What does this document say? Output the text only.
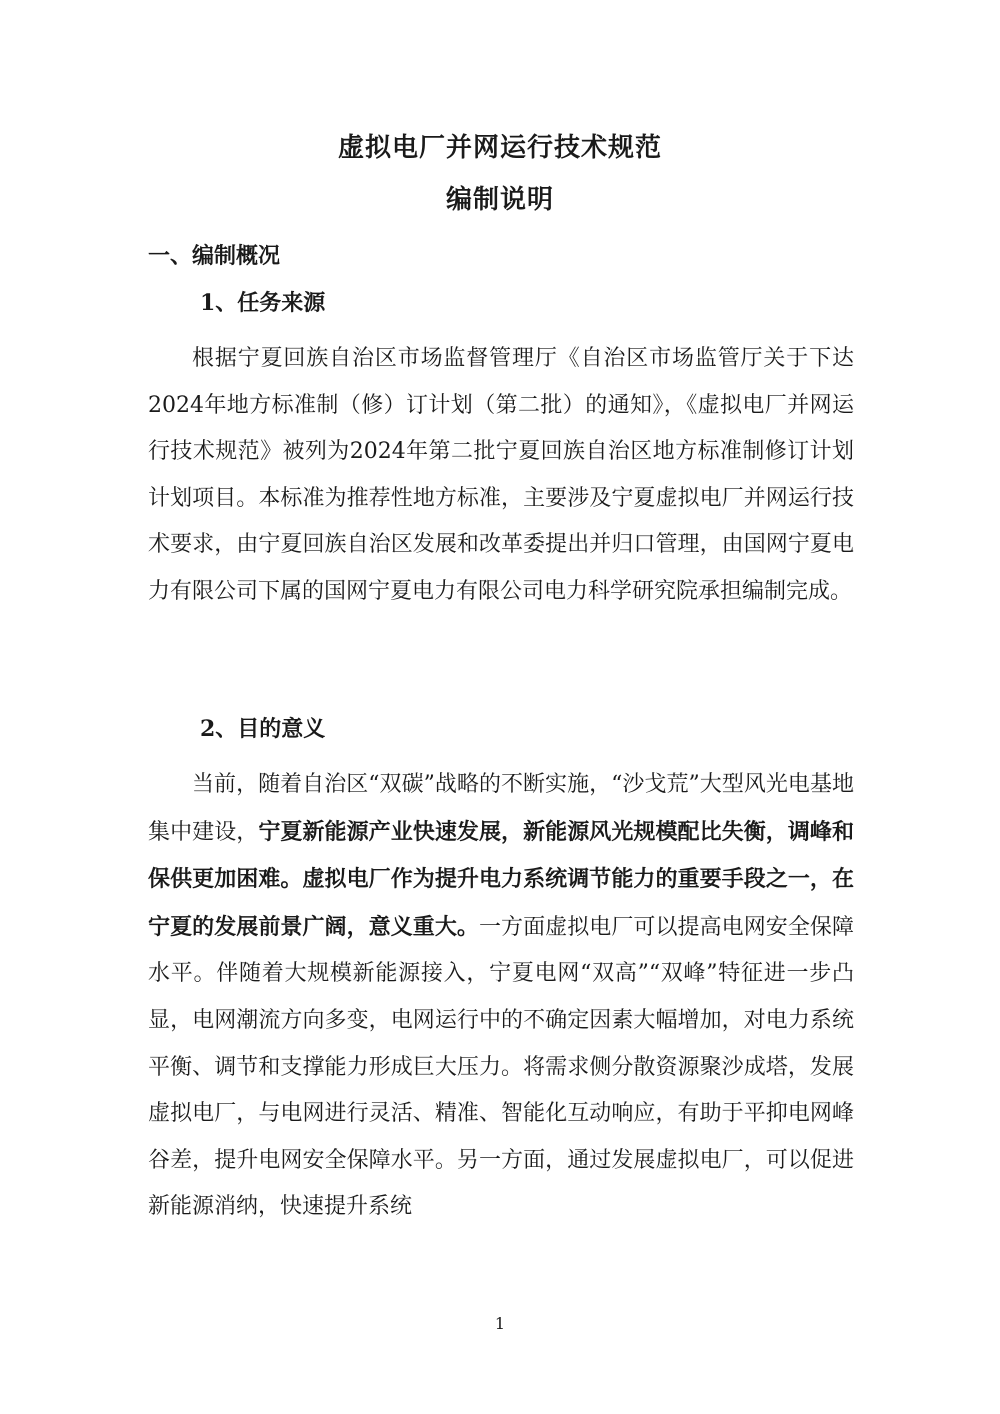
虚拟电厂并网运行技术规范
编制说明
一、编制概况
1、任务来源

根据宁夏回族自治区市场监督管理厅《自治区市场监管厅关于下达2024年地方标准制（修）订计划（第二批）的通知》，《虚拟电厂并网运行技术规范》被列为2024年第二批宁夏回族自治区地方标准制修订计划计划项目。本标准为推荐性地方标准，主要涉及宁夏虚拟电厂并网运行技术要求，由宁夏回族自治区发展和改革委提出并归口管理，由国网宁夏电力有限公司下属的国网宁夏电力有限公司电力科学研究院承担编制完成。

2、目的意义

当前，随着自治区“双碳”战略的不断实施，“沙戈荒”大型风光电基地集中建设，宁夏新能源产业快速发展，新能源风光规模配比失衡，调峰和保供更加困难。虚拟电厂作为提升电力系统调节能力的重要手段之一，在宁夏的发展前景广阔，意义重大。一方面虚拟电厂可以提高电网安全保障水平。伴随着大规模新能源接入，宁夏电网“双高”“双峰”特征进一步凸显，电网潮流方向多变，电网运行中的不确定因素大幅增加，对电力系统平衡、调节和支撑能力形成巨大压力。将需求侧分散资源聚沙成塔，发展虚拟电厂，与电网进行灵活、精准、智能化互动响应，有助于平抑电网峰谷差，提升电网安全保障水平。另一方面，通过发展虚拟电厂，可以促进新能源消纳，快速提升系统

1
